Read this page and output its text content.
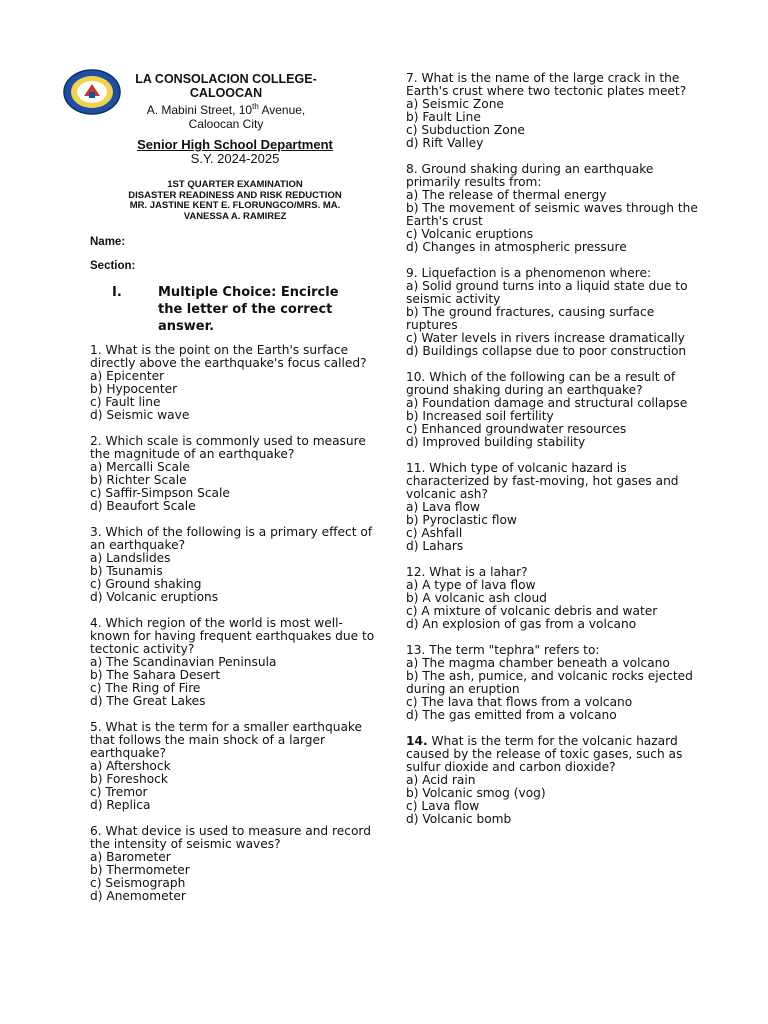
LA CONSOLACION COLLEGE-
CALOOCAN
A. Mabini Street, 10th Avenue,
Caloocan City
Senior High School Department
S.Y. 2024-2025
1ST QUARTER EXAMINATION
DISASTER READINESS AND RISK REDUCTION
MR. JASTINE KENT E. FLORUNGCO/MRS. MA.
VANESSA A. RAMIREZ
Name:
Section:
I.	Multiple Choice: Encircle the letter of the correct answer.
1. What is the point on the Earth's surface directly above the earthquake's focus called?
a) Epicenter
b) Hypocenter
c) Fault line
d) Seismic wave
2. Which scale is commonly used to measure the magnitude of an earthquake?
a) Mercalli Scale
b) Richter Scale
c) Saffir-Simpson Scale
d) Beaufort Scale
3. Which of the following is a primary effect of an earthquake?
a) Landslides
b) Tsunamis
c) Ground shaking
d) Volcanic eruptions
4. Which region of the world is most well-known for having frequent earthquakes due to tectonic activity?
a) The Scandinavian Peninsula
b) The Sahara Desert
c) The Ring of Fire
d) The Great Lakes
5. What is the term for a smaller earthquake that follows the main shock of a larger earthquake?
a) Aftershock
b) Foreshock
c) Tremor
d) Replica
6. What device is used to measure and record the intensity of seismic waves?
a) Barometer
b) Thermometer
c) Seismograph
d) Anemometer
7. What is the name of the large crack in the Earth's crust where two tectonic plates meet?
a) Seismic Zone
b) Fault Line
c) Subduction Zone
d) Rift Valley
8. Ground shaking during an earthquake primarily results from:
a) The release of thermal energy
b) The movement of seismic waves through the Earth's crust
c) Volcanic eruptions
d) Changes in atmospheric pressure
9. Liquefaction is a phenomenon where:
a) Solid ground turns into a liquid state due to seismic activity
b) The ground fractures, causing surface ruptures
c) Water levels in rivers increase dramatically
d) Buildings collapse due to poor construction
10. Which of the following can be a result of ground shaking during an earthquake?
a) Foundation damage and structural collapse
b) Increased soil fertility
c) Enhanced groundwater resources
d) Improved building stability
11. Which type of volcanic hazard is characterized by fast-moving, hot gases and volcanic ash?
a) Lava flow
b) Pyroclastic flow
c) Ashfall
d) Lahars
12. What is a lahar?
a) A type of lava flow
b) A volcanic ash cloud
c) A mixture of volcanic debris and water
d) An explosion of gas from a volcano
13. The term "tephra" refers to:
a) The magma chamber beneath a volcano
b) The ash, pumice, and volcanic rocks ejected during an eruption
c) The lava that flows from a volcano
d) The gas emitted from a volcano
14. What is the term for the volcanic hazard caused by the release of toxic gases, such as sulfur dioxide and carbon dioxide?
a) Acid rain
b) Volcanic smog (vog)
c) Lava flow
d) Volcanic bomb
